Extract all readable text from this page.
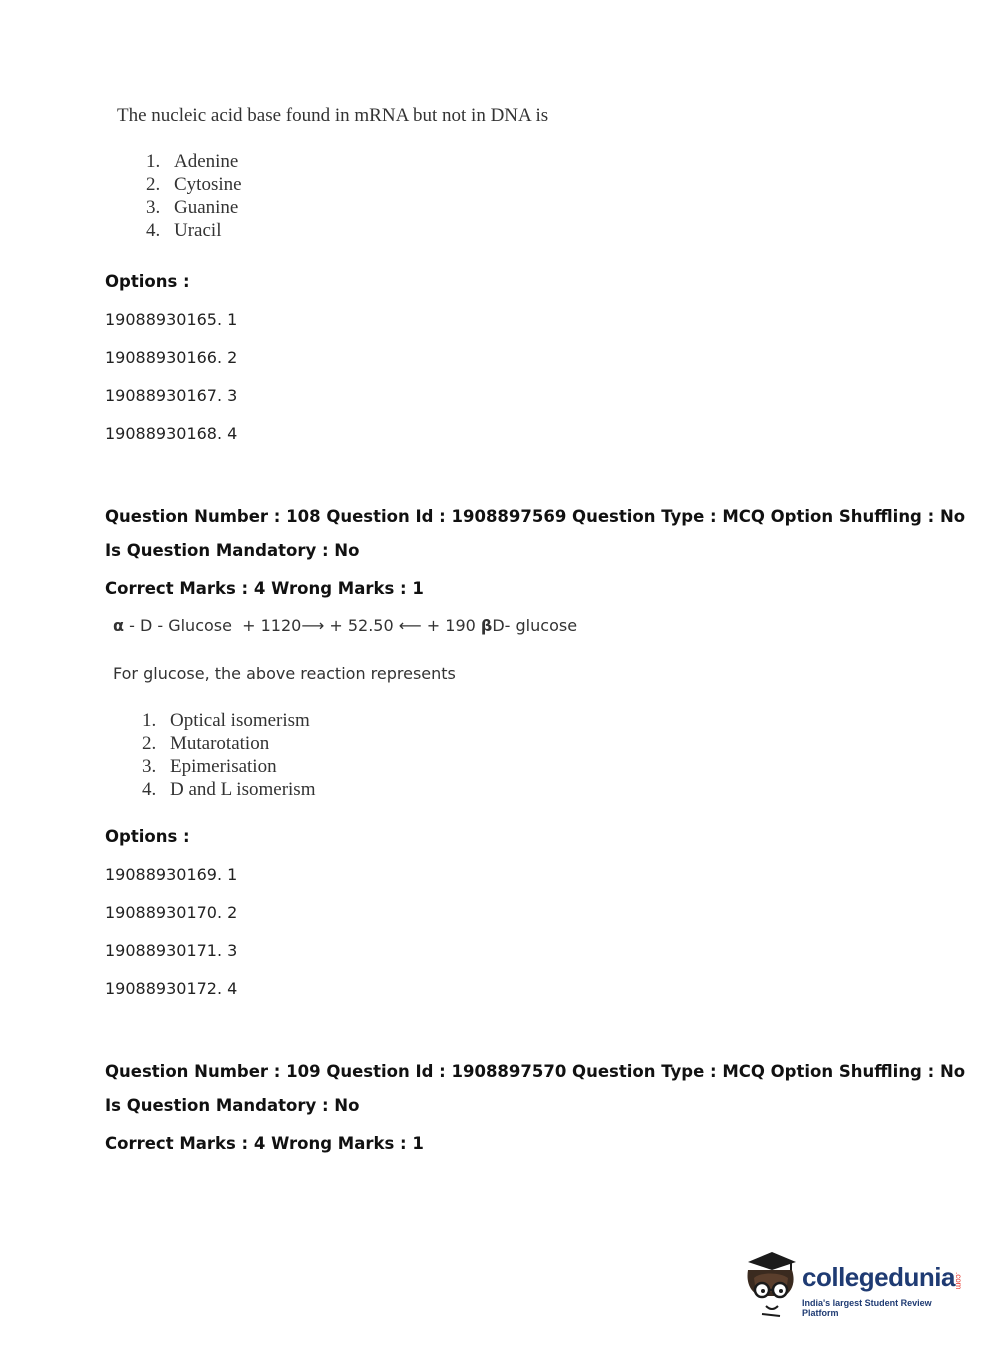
The nucleic acid base found in mRNA but not in DNA is
1. Adenine
2. Cytosine
3. Guanine
4. Uracil
Options :
19088930165. 1
19088930166. 2
19088930167. 3
19088930168. 4
Question Number : 108 Question Id : 1908897569 Question Type : MCQ Option Shuffling : No
Is Question Mandatory : No
Correct Marks : 4 Wrong Marks : 1
α - D - Glucose  + 1120⟶ + 52.50 ⟵ + 190 βD- glucose
For glucose, the above reaction represents
1. Optical isomerism
2. Mutarotation
3. Epimerisation
4. D and L isomerism
Options :
19088930169. 1
19088930170. 2
19088930171. 3
19088930172. 4
Question Number : 109 Question Id : 1908897570 Question Type : MCQ Option Shuffling : No
Is Question Mandatory : No
Correct Marks : 4 Wrong Marks : 1
collegedunia .com
India's largest Student Review Platform
